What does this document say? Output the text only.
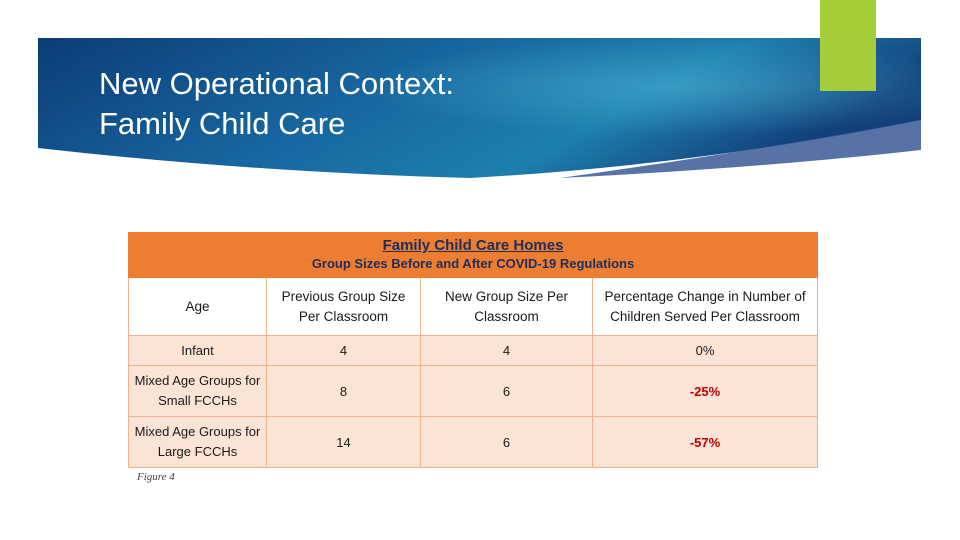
New Operational Context:
Family Child Care
Family Child Care Homes
Group Sizes Before and After COVID-19 Regulations			

Age	Previous Group Size Per Classroom	New Group Size Per Classroom	Percentage Change in Number of Children Served Per Classroom
Infant	4	4	0%
Mixed Age Groups for Small FCCHs	8	6	-25%
Mixed Age Groups for Large FCCHs	14	6	-57%
Figure 4
